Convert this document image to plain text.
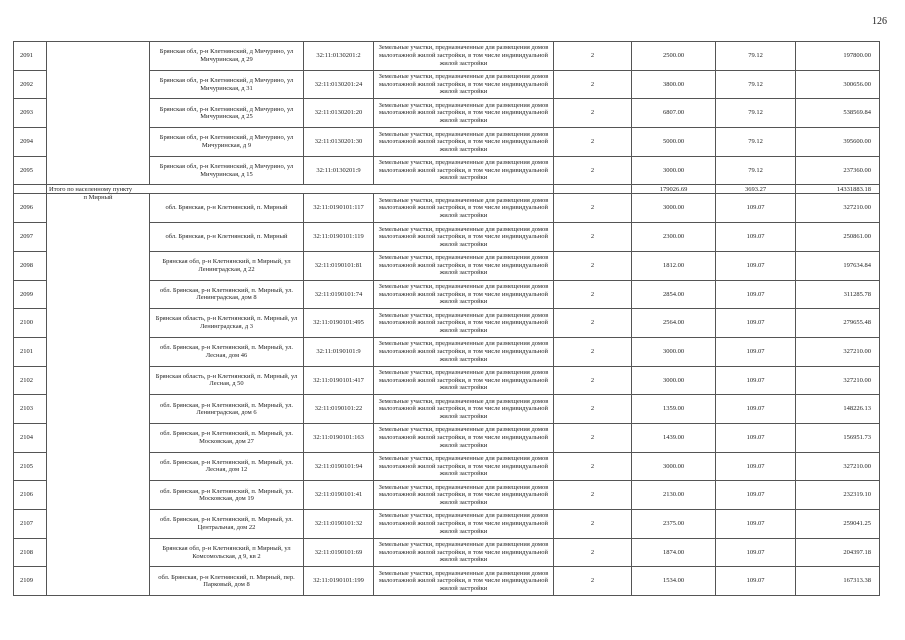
126
2091		Брянская обл, р-н Клетнянский, д Мичурино, ул Мичуринская, д 29	32:11:0130201:2	Земельные участки, предназначенные для размещения домов малоэтажной жилой застройки, в том числе индивидуальной жилой застройки	2	2500.00	79.12	197800.00
2092		Брянская обл, р-н Клетнянский, д Мичурино, ул Мичуринская, д 31	32:11:0130201:24	Земельные участки, предназначенные для размещения домов малоэтажной жилой застройки, в том числе индивидуальной жилой застройки	2	3800.00	79.12	300656.00
2093		Брянская обл, р-н Клетнянский, д Мичурино, ул Мичуринская, д 25	32:11:0130201:20	Земельные участки, предназначенные для размещения домов малоэтажной жилой застройки, в том числе индивидуальной жилой застройки	2	6807.00	79.12	538569.84
2094		Брянская обл, р-н Клетнянский, д Мичурино, ул Мичуринская, д 9	32:11:0130201:30	Земельные участки, предназначенные для размещения домов малоэтажной жилой застройки, в том числе индивидуальной жилой застройки	2	5000.00	79.12	395600.00
2095		Брянская обл, р-н Клетнянский, д Мичурино, ул Мичуринская, д 15	32:11:0130201:9	Земельные участки, предназначенные для размещения домов малоэтажной жилой застройки, в том числе индивидуальной жилой застройки	2	3000.00	79.12	237360.00
	Итого по населенному пункту					179026.69	3693.27	14331883.18
2096	п Мирный	обл. Брянская, р-н Клетнянский, п. Мирный	32:11:0190101:117	Земельные участки, предназначенные для размещения домов малоэтажной жилой застройки, в том числе индивидуальной жилой застройки	2	3000.00	109.07	327210.00
2097		обл. Брянская, р-н Клетнянский, п. Мирный	32:11:0190101:119	Земельные участки, предназначенные для размещения домов малоэтажной жилой застройки, в том числе индивидуальной жилой застройки	2	2300.00	109.07	250861.00
2098		Брянская обл, р-н Клетнянский, п Мирный, ул Ленинградская, д 22	32:11:0190101:81	Земельные участки, предназначенные для размещения домов малоэтажной жилой застройки, в том числе индивидуальной жилой застройки	2	1812.00	109.07	197634.84
2099		обл. Брянская, р-н Клетнянский, п. Мирный, ул. Ленинградская, дом 8	32:11:0190101:74	Земельные участки, предназначенные для размещения домов малоэтажной жилой застройки, в том числе индивидуальной жилой застройки	2	2854.00	109.07	311285.78
2100		Брянская область, р-н Клетнянский, п. Мирный, ул Ленинградская, д 3	32:11:0190101:495	Земельные участки, предназначенные для размещения домов малоэтажной жилой застройки, в том числе индивидуальной жилой застройки	2	2564.00	109.07	279655.48
2101		обл. Брянская, р-н Клетнянский, п. Мирный, ул. Лесная, дом 46	32:11:0190101:9	Земельные участки, предназначенные для размещения домов малоэтажной жилой застройки, в том числе индивидуальной жилой застройки	2	3000.00	109.07	327210.00
2102		Брянская область, р-н Клетнянский, п. Мирный, ул Лесная, д 50	32:11:0190101:417	Земельные участки, предназначенные для размещения домов малоэтажной жилой застройки, в том числе индивидуальной жилой застройки	2	3000.00	109.07	327210.00
2103		обл. Брянская, р-н Клетнянский, п. Мирный, ул. Ленинградская, дом 6	32:11:0190101:22	Земельные участки, предназначенные для размещения домов малоэтажной жилой застройки, в том числе индивидуальной жилой застройки	2	1359.00	109.07	148226.13
2104		обл. Брянская, р-н Клетнянский, п. Мирный, ул. Московская, дом 27	32:11:0190101:163	Земельные участки, предназначенные для размещения домов малоэтажной жилой застройки, в том числе индивидуальной жилой застройки	2	1439.00	109.07	156951.73
2105		обл. Брянская, р-н Клетнянский, п. Мирный, ул. Лесная, дом 12	32:11:0190101:94	Земельные участки, предназначенные для размещения домов малоэтажной жилой застройки, в том числе индивидуальной жилой застройки	2	3000.00	109.07	327210.00
2106		обл. Брянская, р-н Клетнянский, п. Мирный, ул. Московская, дом 19	32:11:0190101:41	Земельные участки, предназначенные для размещения домов малоэтажной жилой застройки, в том числе индивидуальной жилой застройки	2	2130.00	109.07	232319.10
2107		обл. Брянская, р-н Клетнянский, п. Мирный, ул. Центральная, дом 22	32:11:0190101:32	Земельные участки, предназначенные для размещения домов малоэтажной жилой застройки, в том числе индивидуальной жилой застройки	2	2375.00	109.07	259041.25
2108		Брянская обл, р-н Клетнянский, п Мирный, ул Комсомольская, д 9, кв 2	32:11:0190101:69	Земельные участки, предназначенные для размещения домов малоэтажной жилой застройки, в том числе индивидуальной жилой застройки	2	1874.00	109.07	204397.18
2109		обл. Брянская, р-н Клетнянский, п. Мирный, пер. Парковый, дом 8	32:11:0190101:199	Земельные участки, предназначенные для размещения домов малоэтажной жилой застройки, в том числе индивидуальной жилой застройки	2	1534.00	109.07	167313.38
